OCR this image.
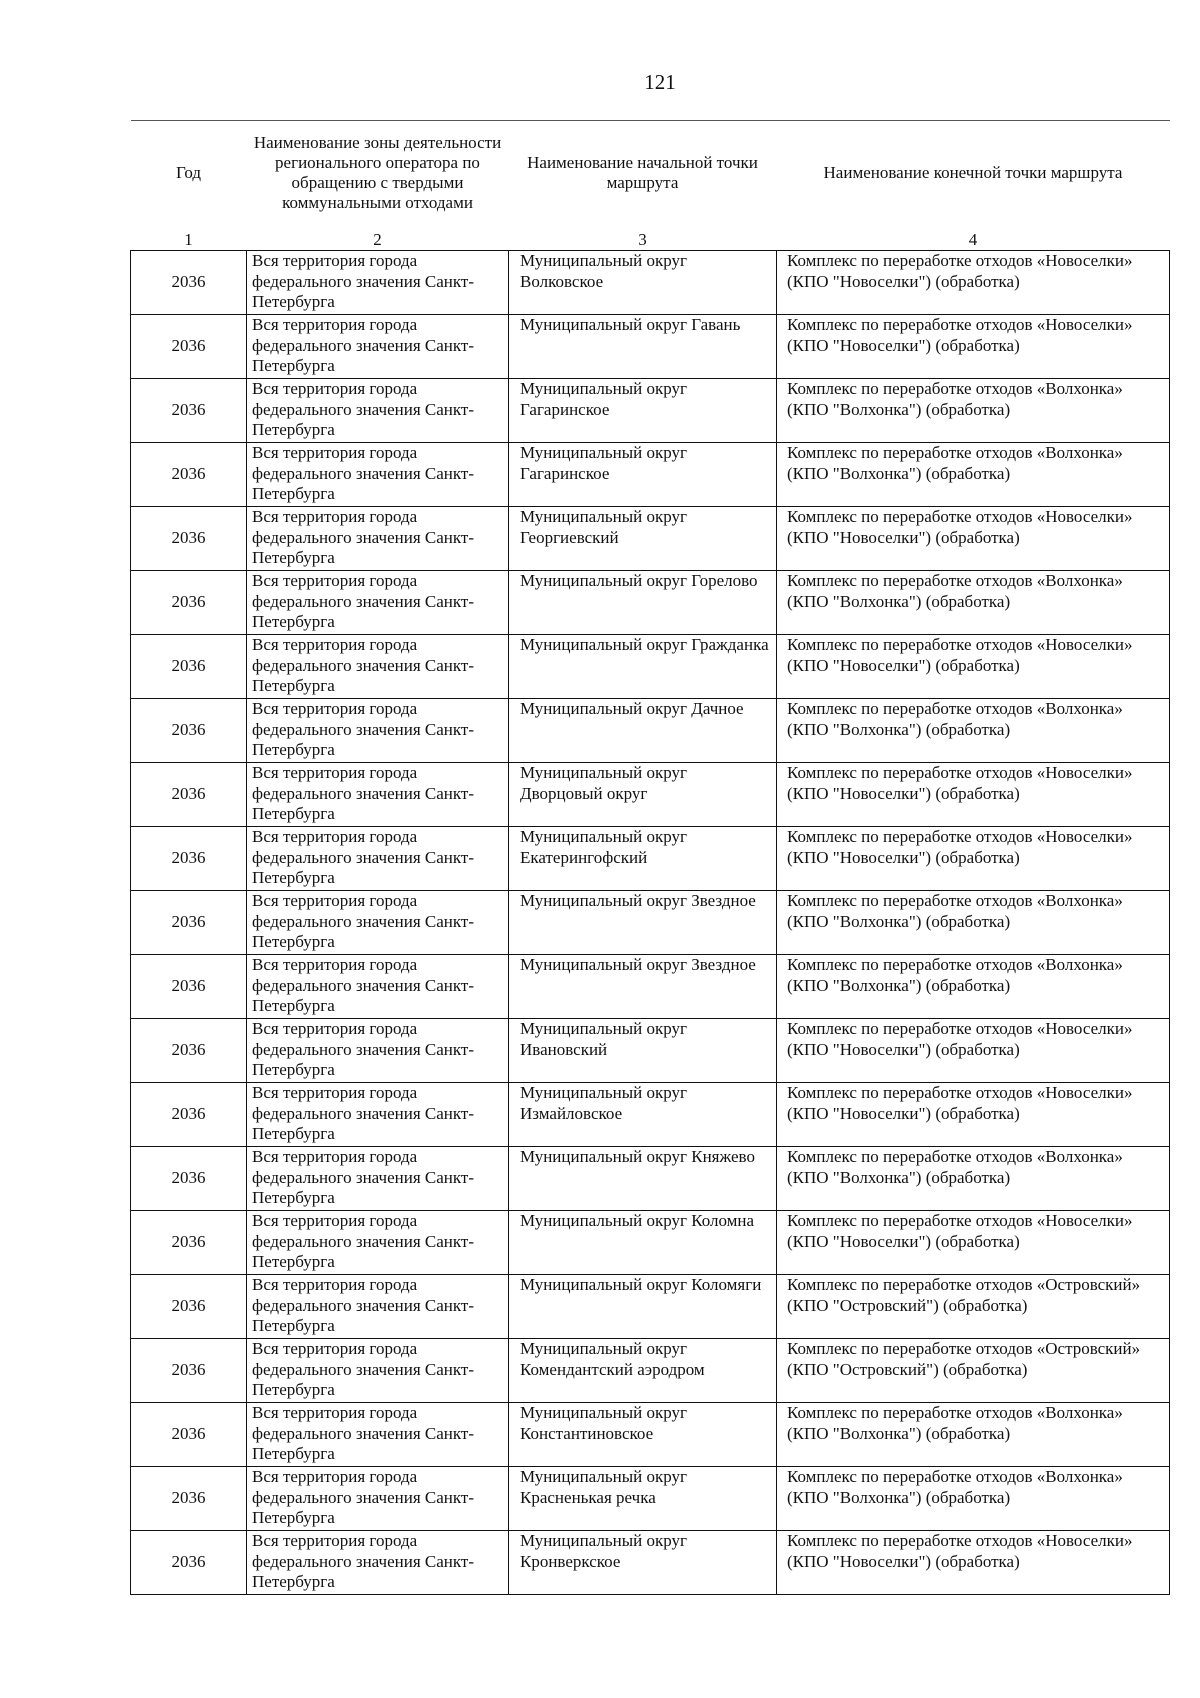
121
Год	Наименование зоны деятельности регионального оператора по обращению с твердыми коммунальными отходами	Наименование начальной точки маршрута	Наименование конечной точки маршрута
1	2	3	4
2036	Вся территория города федерального значения Санкт-Петербурга	Муниципальный округ Волковское	Комплекс по переработке отходов «Новоселки» (КПО "Новоселки") (обработка)
2036	Вся территория города федерального значения Санкт-Петербурга	Муниципальный округ Гавань	Комплекс по переработке отходов «Новоселки» (КПО "Новоселки") (обработка)
2036	Вся территория города федерального значения Санкт-Петербурга	Муниципальный округ Гагаринское	Комплекс по переработке отходов «Волхонка» (КПО "Волхонка") (обработка)
2036	Вся территория города федерального значения Санкт-Петербурга	Муниципальный округ Гагаринское	Комплекс по переработке отходов «Волхонка» (КПО "Волхонка") (обработка)
2036	Вся территория города федерального значения Санкт-Петербурга	Муниципальный округ Георгиевский	Комплекс по переработке отходов «Новоселки» (КПО "Новоселки") (обработка)
2036	Вся территория города федерального значения Санкт-Петербурга	Муниципальный округ Горелово	Комплекс по переработке отходов «Волхонка» (КПО "Волхонка") (обработка)
2036	Вся территория города федерального значения Санкт-Петербурга	Муниципальный округ Гражданка	Комплекс по переработке отходов «Новоселки» (КПО "Новоселки") (обработка)
2036	Вся территория города федерального значения Санкт-Петербурга	Муниципальный округ Дачное	Комплекс по переработке отходов «Волхонка» (КПО "Волхонка") (обработка)
2036	Вся территория города федерального значения Санкт-Петербурга	Муниципальный округ Дворцовый округ	Комплекс по переработке отходов «Новоселки» (КПО "Новоселки") (обработка)
2036	Вся территория города федерального значения Санкт-Петербурга	Муниципальный округ Екатерингофский	Комплекс по переработке отходов «Новоселки» (КПО "Новоселки") (обработка)
2036	Вся территория города федерального значения Санкт-Петербурга	Муниципальный округ Звездное	Комплекс по переработке отходов «Волхонка» (КПО "Волхонка") (обработка)
2036	Вся территория города федерального значения Санкт-Петербурга	Муниципальный округ Звездное	Комплекс по переработке отходов «Волхонка» (КПО "Волхонка") (обработка)
2036	Вся территория города федерального значения Санкт-Петербурга	Муниципальный округ Ивановский	Комплекс по переработке отходов «Новоселки» (КПО "Новоселки") (обработка)
2036	Вся территория города федерального значения Санкт-Петербурга	Муниципальный округ Измайловское	Комплекс по переработке отходов «Новоселки» (КПО "Новоселки") (обработка)
2036	Вся территория города федерального значения Санкт-Петербурга	Муниципальный округ Княжево	Комплекс по переработке отходов «Волхонка» (КПО "Волхонка") (обработка)
2036	Вся территория города федерального значения Санкт-Петербурга	Муниципальный округ Коломна	Комплекс по переработке отходов «Новоселки» (КПО "Новоселки") (обработка)
2036	Вся территория города федерального значения Санкт-Петербурга	Муниципальный округ Коломяги	Комплекс по переработке отходов «Островский» (КПО "Островский") (обработка)
2036	Вся территория города федерального значения Санкт-Петербурга	Муниципальный округ Комендантский аэродром	Комплекс по переработке отходов «Островский» (КПО "Островский") (обработка)
2036	Вся территория города федерального значения Санкт-Петербурга	Муниципальный округ Константиновское	Комплекс по переработке отходов «Волхонка» (КПО "Волхонка") (обработка)
2036	Вся территория города федерального значения Санкт-Петербурга	Муниципальный округ Красненькая речка	Комплекс по переработке отходов «Волхонка» (КПО "Волхонка") (обработка)
2036	Вся территория города федерального значения Санкт-Петербурга	Муниципальный округ Кронверкское	Комплекс по переработке отходов «Новоселки» (КПО "Новоселки") (обработка)
